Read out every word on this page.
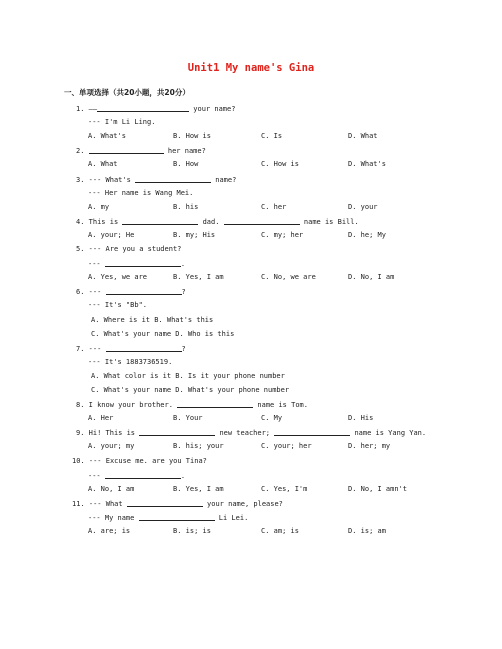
Unit1 My name's Gina
一、单项选择（共20小题，共20分）
1. ——	your name?
--- I'm Li Ling.
A. What's	B. How is	C. Is	D. What
2.	her name?
A. What	B. How	C. How is	D. What's
3. --- What's	name?
--- Her name is Wang Mei.
A. my	B. his	C. her	D. your
4. This is	dad.	name is Bill.
A. your; He	B. my; His	C. my; her	D. he; My
5. --- Are you a student?
---	.
A. Yes, we are	B. Yes, I am	C. No, we are	D. No, I am
6. ---	?
--- It's "Bb".
A. Where is it B. What's this
C. What's your name D. Who is this
7. ---	?
--- It's 1883736519.
A. What color is it B. Is it your phone number
C. What's your name D. What's your phone number
8. I know your brother.	name is Tom.
A. Her	B. Your	C. My	D. His
9. Hi! This is	new teacher;	name is Yang Yan.
A. your; my	B. his; your	C. your; her	D. her; my
10. --- Excuse me. are you Tina?
---	.
A. No, I am	B. Yes, I am	C. Yes, I'm	D. No, I amn't
11. --- What	your name, please?
--- My name	Li Lei.
A. are; is	B. is; is	C. am; is	D. is; am
